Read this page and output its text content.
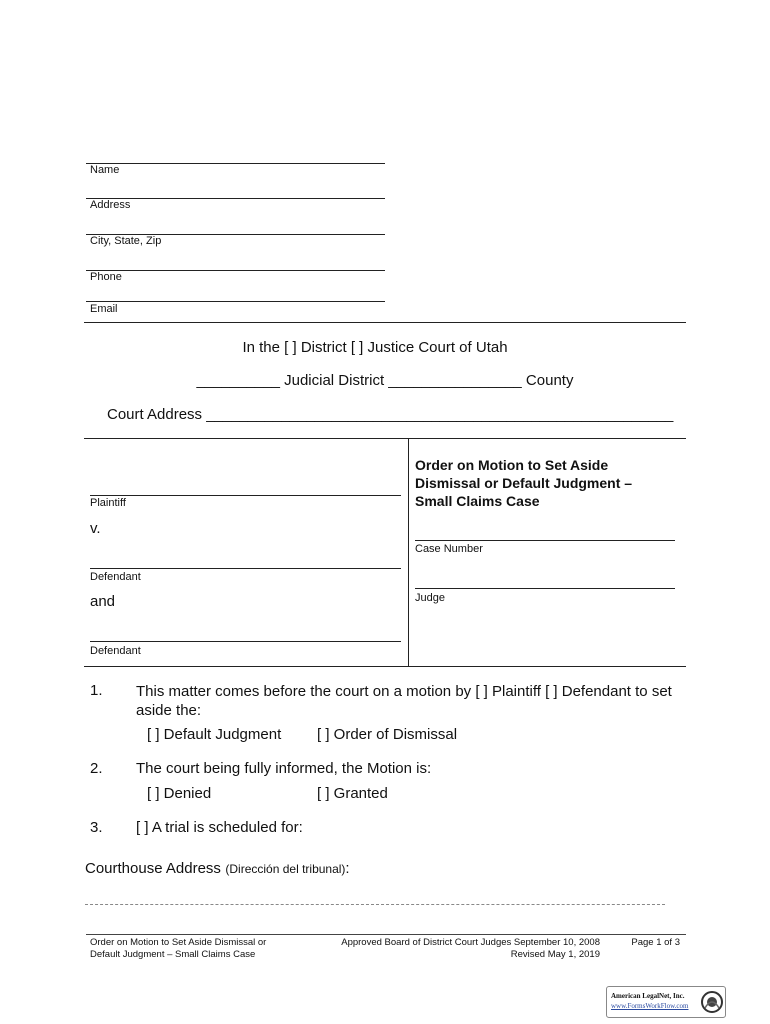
Name
Address
City, State, Zip
Phone
Email
In the [ ] District [ ] Justice Court of Utah
__________ Judicial District ________________ County
Court Address ________________________________________________________
Plaintiff
v.
Defendant
and
Defendant
Order on Motion to Set Aside Dismissal or Default Judgment – Small Claims Case
Case Number
Judge
1. This matter comes before the court on a motion by [ ] Plaintiff [ ] Defendant to set aside the:
[ ] Default Judgment [ ] Order of Dismissal
2. The court being fully informed, the Motion is:
[ ] Denied	[ ] Granted
3. [ ] A trial is scheduled for:
Courthouse Address (Dirección del tribunal):
Order on Motion to Set Aside Dismissal or Default Judgment – Small Claims Case
Approved Board of District Court Judges September 10, 2008
Revised May 1, 2019
Page 1 of 3
American LegalNet, Inc.
www.FormsWorkFlow.com
